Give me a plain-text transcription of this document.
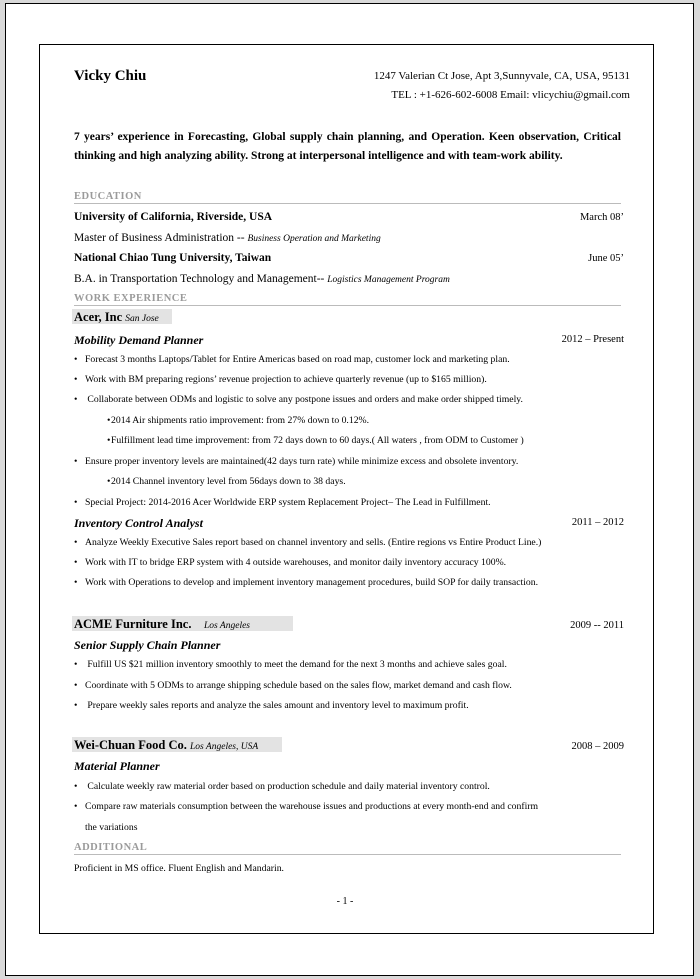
Vicky Chiu	1247 Valerian Ct Jose, Apt 3,Sunnyvale, CA, USA, 95131
TEL : +1-626-602-6008 Email: vlicychiu@gmail.com
7 years’ experience in Forecasting, Global supply chain planning, and Operation. Keen observation, Critical thinking and high analyzing ability. Strong at interpersonal intelligence and with team-work ability.
EDUCATION
University of California, Riverside, USA	March 08’
Master of Business Administration -- Business Operation and Marketing
National Chiao Tung University, Taiwan	June 05’
B.A. in Transportation Technology and Management-- Logistics Management Program
WORK EXPERIENCE
Acer, Inc San Jose
Mobility Demand Planner	2012 – Present
• Forecast 3 months Laptops/Tablet for Entire Americas based on road map, customer lock and marketing plan.
• Work with BM preparing regions’ revenue projection to achieve quarterly revenue (up to $165 million).
• Collaborate between ODMs and logistic to solve any postpone issues and orders and make order shipped timely.
• 2014 Air shipments ratio improvement: from 27% down to 0.12%.
• Fulfillment lead time improvement: from 72 days down to 60 days.( All waters , from ODM to Customer )
• Ensure proper inventory levels are maintained(42 days turn rate) while minimize excess and obsolete inventory.
• 2014 Channel inventory level from 56days down to 38 days.
• Special Project: 2014-2016 Acer Worldwide ERP system Replacement Project– The Lead in Fulfillment.
Inventory Control Analyst	2011 – 2012
• Analyze Weekly Executive Sales report based on channel inventory and sells. (Entire regions vs Entire Product Line.)
• Work with IT to bridge ERP system with 4 outside warehouses, and monitor daily inventory accuracy 100%.
• Work with Operations to develop and implement inventory management procedures, build SOP for daily transaction.
ACME Furniture Inc. Los Angeles	2009 -- 2011
Senior Supply Chain Planner
• Fulfill US $21 million inventory smoothly to meet the demand for the next 3 months and achieve sales goal.
• Coordinate with 5 ODMs to arrange shipping schedule based on the sales flow, market demand and cash flow.
• Prepare weekly sales reports and analyze the sales amount and inventory level to maximum profit.
Wei-Chuan Food Co. Los Angeles, USA	2008 – 2009
Material Planner
• Calculate weekly raw material order based on production schedule and daily material inventory control.
• Compare raw materials consumption between the warehouse issues and productions at every month-end and confirm
the variations
ADDITIONAL
Proficient in MS office. Fluent English and Mandarin.
- 1 -
